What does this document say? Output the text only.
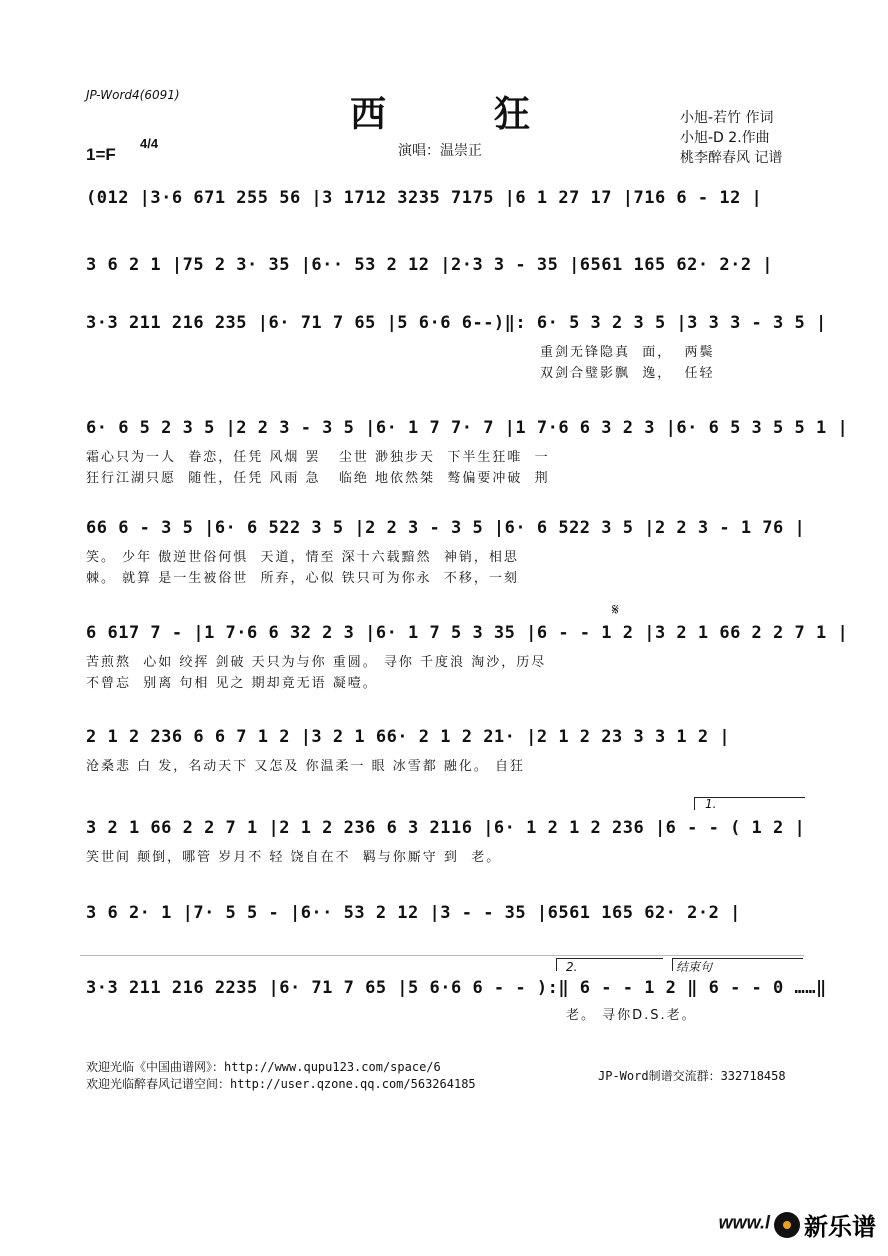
JP-Word4(6091)	西狂
1=F
4/4	演唱：温崇正
小旭-若竹 作词
小旭-D 2.作曲
桃李醉春风 记谱
(012 |3·6 671 255 56 |3 1712 3235 7175 |6 1 27 17 |716 6 - 12 |
3 6 2 1 |75 2 3· 35 |6·· 53 2 12 |2·3 3 - 35 |6561 165 62· 2·2 |
3·3 211 216 235 |6· 71 7 65 |5 6·6 6--)‖: 6· 5 3 2 3 5 |3 3 3 - 3 5 |
重剑无锋隐真  面，  两鬓
双剑合璧影飘  逸，  任轻
6· 6 5 2 3 5 |2 2 3 - 3 5 |6· 1 7 7· 7 |1 7·6 6 3 2 3 |6· 6 5 3 5 5 1 |
霜心只为一人  眷恋，任凭 风烟 罢   尘世 渺独步天  下半生狂唯  一
狂行江湖只愿  随性，任凭 风雨 急   临绝 地依然桀  骜偏要冲破  荆
66 6 - 3 5 |6· 6 522 3 5 |2 2 3 - 3 5 |6· 6 522 3 5 |2 2 3 - 1 76 |
笑。 少年 傲逆世俗何惧  天道，情至 深十六载黯然  神销，相思
棘。 就算 是一生被俗世  所弃，心似 铁只可为你永  不移，一刻
𝄋
6 617 7 - |1 7·6 6 32 2 3 |6· 1 7 5 3 35 |6 - - 1 2 |3 2 1 66 2 2 7 1 |
苦煎熬  心如 绞挥 剑破 天只为与你 重圆。 寻你 千度浪 淘沙，历尽
不曾忘  别离 句相 见之 期却竟无语 凝噎。
2 1 2 236 6 6 7 1 2 |3 2 1 66· 2 1 2 21· |2 1 2 23 3 3 1 2 |
沧桑悲 白 发，名动天下 又怎及 你温柔一 眼 冰雪都 融化。 自狂
1.
3 2 1 66 2 2 7 1 |2 1 2 236 6 3 2116 |6· 1 2 1 2 236 |6 - - ( 1 2 |
笑世间 颠倒，哪管 岁月不 轻 饶自在不  羁与你厮守 到  老。
3 6 2· 1 |7· 5 5 - |6·· 53 2 12 |3 - - 35 |6561 165 62· 2·2 |
2.	结束句
3·3 211 216 2235 |6· 71 7 65 |5 6·6 6 - - ):‖ 6 - - 1 2 ‖ 6 - - 0 ……‖
老。 寻你D.S.老。
欢迎光临《中国曲谱网》：http://www.qupu123.com/space/6
欢迎光临醉春风记谱空间：http://user.qzone.qq.com/563264185
JP-Word制谱交流群：332718458

www.l 新乐谱
